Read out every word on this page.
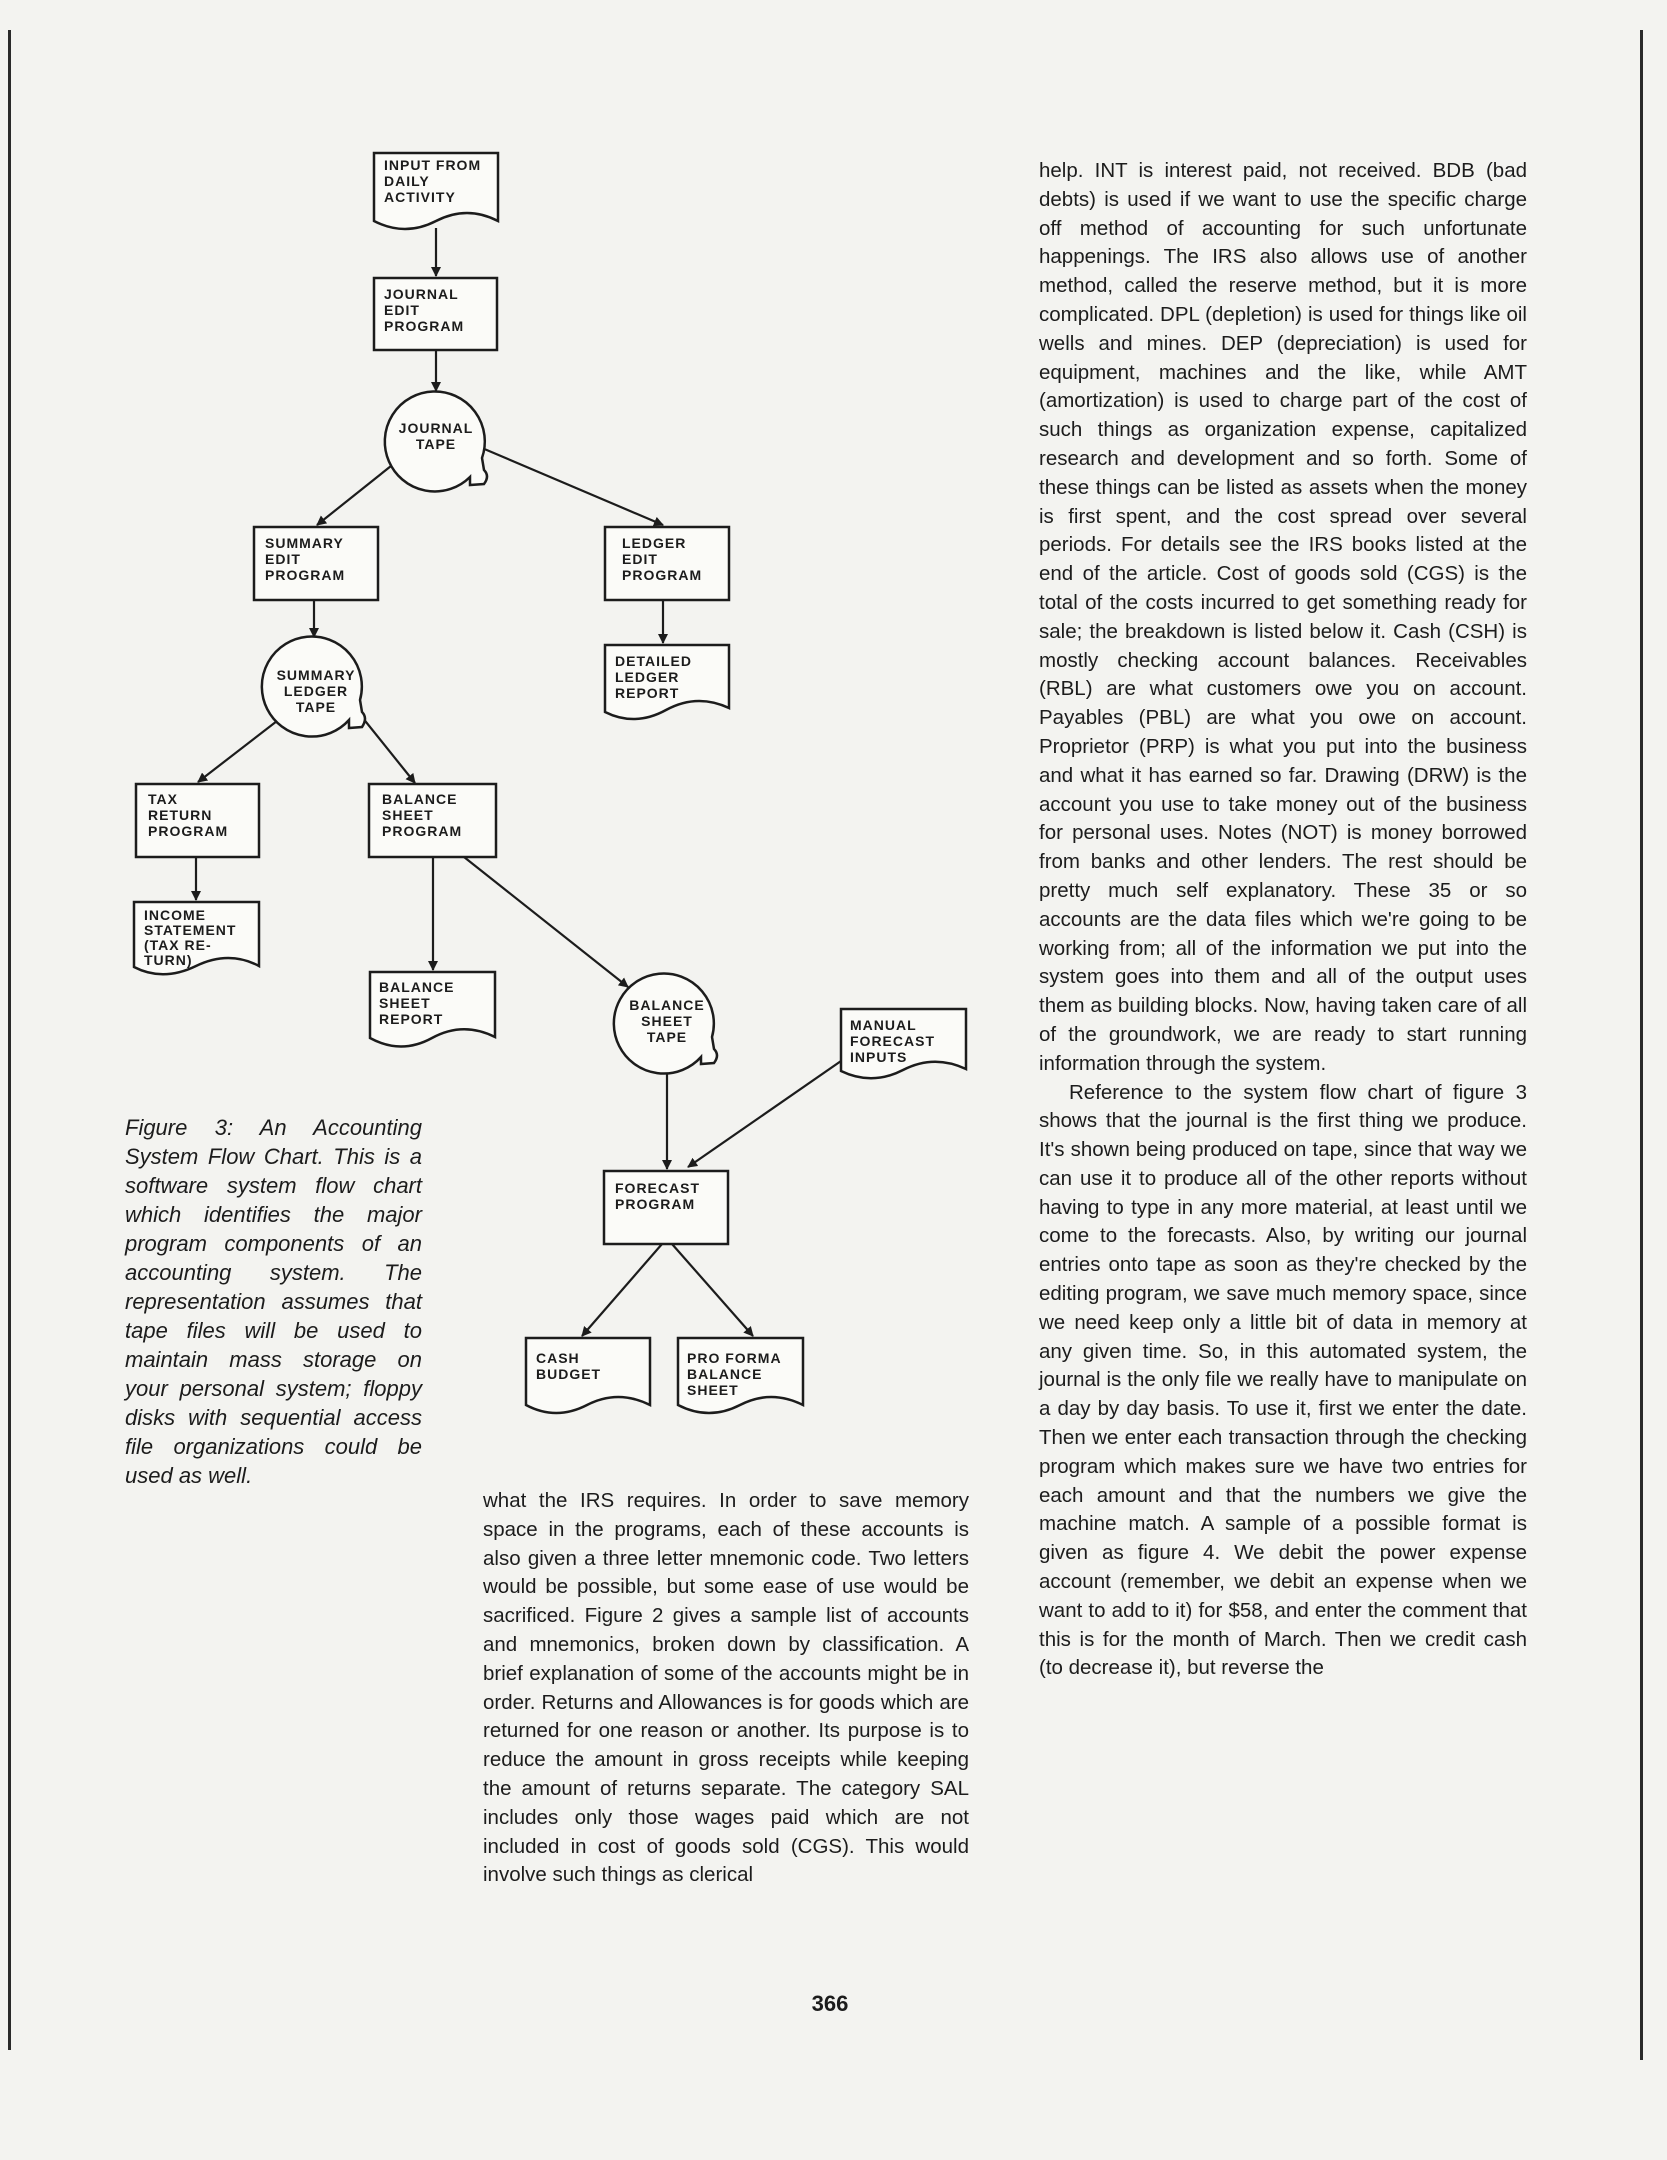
INPUT FROM
DAILY
ACTIVITY
JOURNAL
EDIT
PROGRAM
JOURNAL
TAPE
SUMMARY
EDIT
PROGRAM
LEDGER
EDIT
PROGRAM
DETAILED
LEDGER
REPORT
SUMMARY
LEDGER
TAPE
TAX
RETURN
PROGRAM
BALANCE
SHEET
PROGRAM
INCOME
STATEMENT
(TAX RE-
TURN)
BALANCE
SHEET
REPORT
BALANCE
SHEET
TAPE
MANUAL
FORECAST
INPUTS
FORECAST
PROGRAM
CASH
BUDGET
PRO FORMA
BALANCE
SHEET

Figure 3: An Accounting System Flow Chart. This is a software system flow chart which identifies the major program components of an accounting system. The representation assumes that tape files will be used to maintain mass storage on your personal system; floppy disks with sequential access file organizations could be used as well.

what the IRS requires. In order to save memory space in the programs, each of these accounts is also given a three letter mnemonic code. Two letters would be possible, but some ease of use would be sacrificed. Figure 2 gives a sample list of accounts and mnemonics, broken down by classification. A brief explanation of some of the accounts might be in order. Returns and Allowances is for goods which are returned for one reason or another. Its purpose is to reduce the amount in gross receipts while keeping the amount of returns separate. The category SAL includes only those wages paid which are not included in cost of goods sold (CGS). This would involve such things as clerical

help. INT is interest paid, not received. BDB (bad debts) is used if we want to use the specific charge off method of accounting for such unfortunate happenings. The IRS also allows use of another method, called the reserve method, but it is more complicated. DPL (depletion) is used for things like oil wells and mines. DEP (depreciation) is used for equipment, machines and the like, while AMT (amortization) is used to charge part of the cost of such things as organization expense, capitalized research and development and so forth. Some of these things can be listed as assets when the money is first spent, and the cost spread over several periods. For details see the IRS books listed at the end of the article. Cost of goods sold (CGS) is the total of the costs incurred to get something ready for sale; the breakdown is listed below it. Cash (CSH) is mostly checking account balances. Receivables (RBL) are what customers owe you on account. Payables (PBL) are what you owe on account. Proprietor (PRP) is what you put into the business and what it has earned so far. Drawing (DRW) is the account you use to take money out of the business for personal uses. Notes (NOT) is money borrowed from banks and other lenders. The rest should be pretty much self explanatory. These 35 or so accounts are the data files which we're going to be working from; all of the information we put into the system goes into them and all of the output uses them as building blocks. Now, having taken care of all of the groundwork, we are ready to start running information through the system.

Reference to the system flow chart of figure 3 shows that the journal is the first thing we produce. It's shown being produced on tape, since that way we can use it to produce all of the other reports without having to type in any more material, at least until we come to the forecasts. Also, by writing our journal entries onto tape as soon as they're checked by the editing program, we save much memory space, since we need keep only a little bit of data in memory at any given time. So, in this automated system, the journal is the only file we really have to manipulate on a day by day basis. To use it, first we enter the date. Then we enter each transaction through the checking program which makes sure we have two entries for each amount and that the numbers we give the machine match. A sample of a possible format is given as figure 4. We debit the power expense account (remember, we debit an expense when we want to add to it) for $58, and enter the comment that this is for the month of March. Then we credit cash (to decrease it), but reverse the

366
